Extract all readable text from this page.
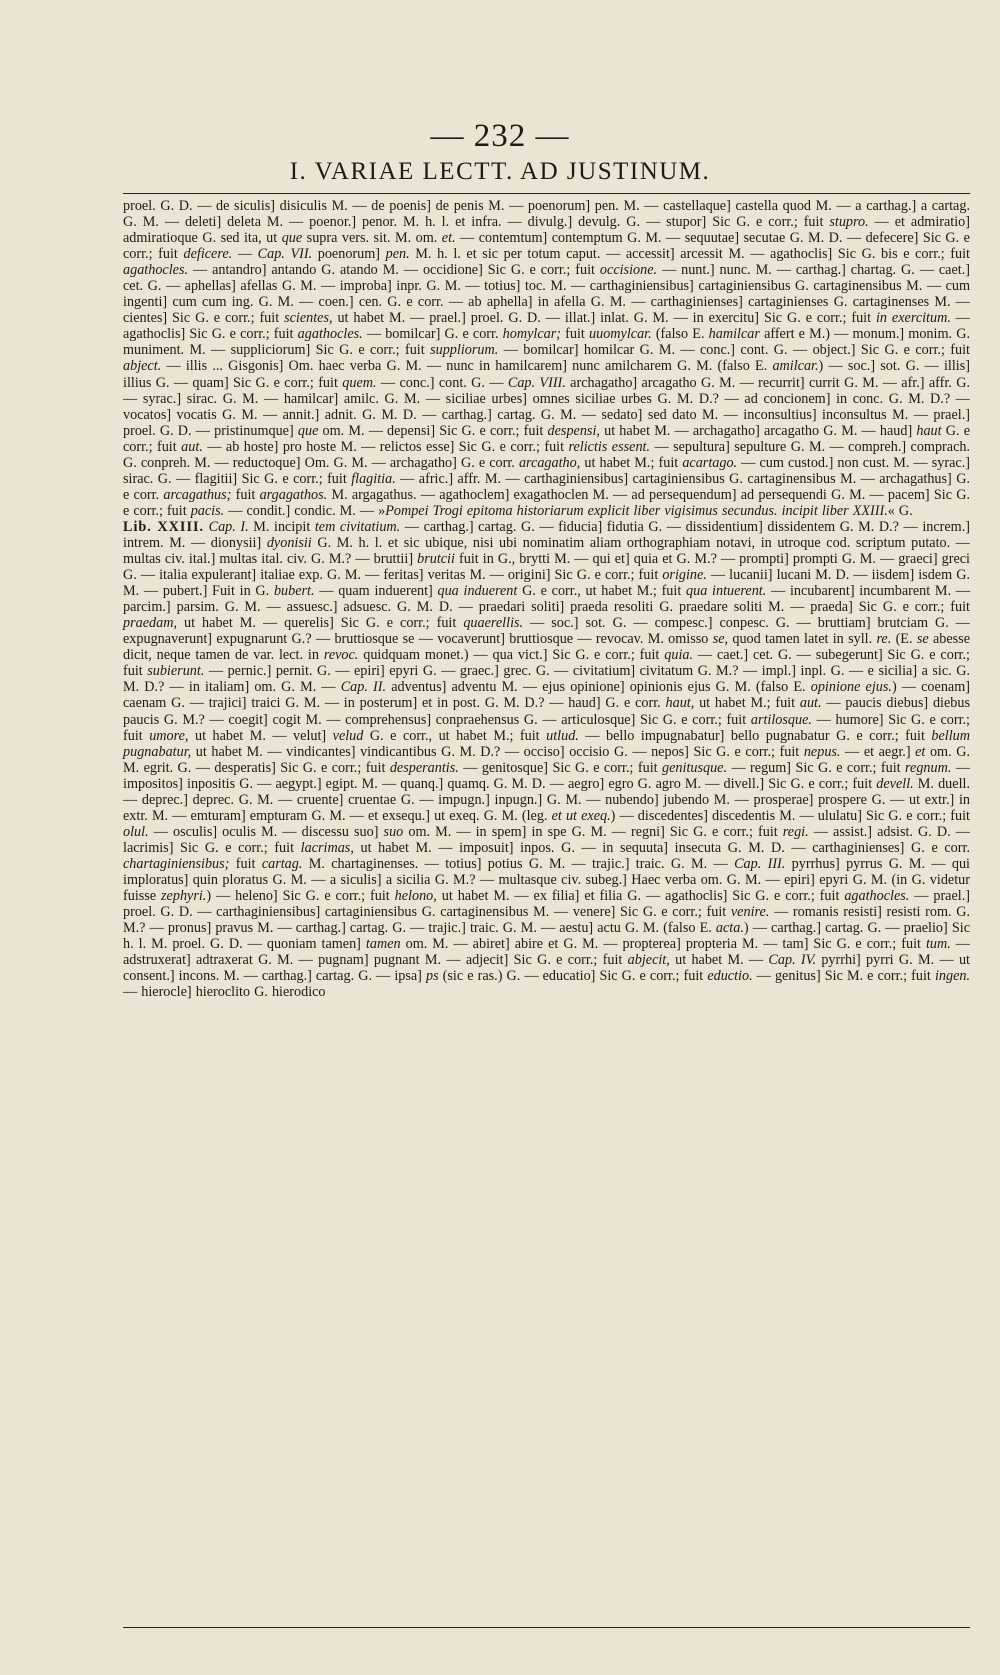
— 232 —
I. VARIAE LECTT. AD JUSTINUM.

proel. G. D. — de siculis] disiculis M. — de poenis] de penis M. — poenorum] pen. M. — castellaque] castella quod M. — a carthag.] a cartag. G. M. — deleti] deleta M. — poenor.] penor. M. h. l. et infra. — divulg.] devulg. G. — stupor] Sic G. e corr.; fuit stupro. — et admiratio] admiratioque G. sed ita, ut que supra vers. sit. M. om. et. — contemtum] contemptum G. M. — sequutae] secutae G. M. D. — defecere] Sic G. e corr.; fuit deficere. — Cap. VII. poenorum] pen. M. h. l. et sic per totum caput. — accessit] arcessit M. — agathoclis] Sic G. bis e corr.; fuit agathocles. — antandro] antando G. atando M. — occidione] Sic G. e corr.; fuit occisione. — nunt.] nunc. M. — carthag.] chartag. G. — caet.] cet. G. — aphellas] afellas G. M. — improba] inpr. G. M. — totius] toc. M. — carthaginiensibus] cartaginiensibus G. cartaginensibus M. — cum ingenti] cum cum ing. G. M. — coen.] cen. G. e corr. — ab aphella] in afella G. M. — carthaginienses] cartaginienses G. cartaginenses M. — cientes] Sic G. e corr.; fuit scientes, ut habet M. — prael.] proel. G. D. — illat.] inlat. G. M. — in exercitu] Sic G. e corr.; fuit in exercitum. — agathoclis] Sic G. e corr.; fuit agathocles. — bomilcar] G. e corr. homylcar; fuit uuomylcar. (falso E. hamilcar affert e M.) — monum.] monim. G. muniment. M. — suppliciorum] Sic G. e corr.; fuit suppliorum. — bomilcar] homilcar G. M. — conc.] cont. G. — object.] Sic G. e corr.; fuit abject. — illis ... Gisgonis] Om. haec verba G. M. — nunc in hamilcarem] nunc amilcharem G. M. (falso E. amilcar.) — soc.] sot. G. — illis] illius G. — quam] Sic G. e corr.; fuit quem. — conc.] cont. G. — Cap. VIII. archagatho] arcagatho G. M. — recurrit] currit G. M. — afr.] affr. G. — syrac.] sirac. G. M. — hamilcar] amilc. G. M. — siciliae urbes] omnes siciliae urbes G. M. D.? — ad concionem] in conc. G. M. D.? — vocatos] vocatis G. M. — annit.] adnit. G. M. D. — carthag.] cartag. G. M. — sedato] sed dato M. — inconsultius] inconsultus M. — prael.] proel. G. D. — pristinumque] que om. M. — depensi] Sic G. e corr.; fuit despensi, ut habet M. — archagatho] arcagatho G. M. — haud] haut G. e corr.; fuit aut. — ab hoste] pro hoste M. — relictos esse] Sic G. e corr.; fuit relictis essent. — sepultura] sepulture G. M. — compreh.] comprach. G. conpreh. M. — reductoque] Om. G. M. — archagatho] G. e corr. arcagatho, ut habet M.; fuit acartago. — cum custod.] non cust. M. — syrac.] sirac. G. — flagitii] Sic G. e corr.; fuit flagitia. — afric.] affr. M. — carthaginiensibus] cartaginiensibus G. cartaginensibus M. — archagathus] G. e corr. arcagathus; fuit argagathos. M. argagathus. — agathoclem] exagathoclen M. — ad persequendum] ad persequendi G. M. — pacem] Sic G. e corr.; fuit pacis. — condit.] condic. M. — »Pompei Trogi epitoma historiarum explicit liber vigisimus secundus. incipit liber XXIII.« G.

Lib. XXIII. Cap. I. M. incipit tem civitatium. — carthag.] cartag. G. — fiducia] fidutia G. — dissidentium] dissidentem G. M. D.? — increm.] intrem. M. — dionysii] dyonisii G. M. h. l. et sic ubique, nisi ubi nominatim aliam orthographiam notavi, in utroque cod. scriptum putato. — multas civ. ital.] multas ital. civ. G. M.? — bruttii] brutcii fuit in G., brytti M. — qui et] quia et G. M.? — prompti] prompti G. M. — graeci] greci G. — italia expulerant] italiae exp. G. M. — feritas] veritas M. — origini] Sic G. e corr.; fuit origine. — lucanii] lucani M. D. — iisdem] isdem G. M. — pubert.] Fuit in G. bubert. — quam induerent] qua induerent G. e corr., ut habet M.; fuit qua intuerent. — incubarent] incumbarent M. — parcim.] parsim. G. M. — assuesc.] adsuesc. G. M. D. — praedari soliti] praeda resoliti G. praedare soliti M. — praeda] Sic G. e corr.; fuit praedam, ut habet M. — querelis] Sic G. e corr.; fuit quaerellis. — soc.] sot. G. — compesc.] conpesc. G. — bruttiam] brutciam G. — expugnaverunt] expugnarunt G.? — bruttiosque se — vocaverunt] bruttiosque — revocav. M. omisso se, quod tamen latet in syll. re. (E. se abesse dicit, neque tamen de var. lect. in revoc. quidquam monet.) — qua vict.] Sic G. e corr.; fuit quia. — caet.] cet. G. — subegerunt] Sic G. e corr.; fuit subierunt. — pernic.] pernit. G. — epiri] epyri G. — graec.] grec. G. — civitatium] civitatum G. M.? — impl.] inpl. G. — e sicilia] a sic. G. M. D.? — in italiam] om. G. M. — Cap. II. adventus] adventu M. — ejus opinione] opinionis ejus G. M. (falso E. opinione ejus.) — coenam] caenam G. — trajici] traici G. M. — in posterum] et in post. G. M. D.? — haud] G. e corr. haut, ut habet M.; fuit aut. — paucis diebus] diebus paucis G. M.? — coegit] cogit M. — comprehensus] conpraehensus G. — articulosque] Sic G. e corr.; fuit artilosque. — humore] Sic G. e corr.; fuit umore, ut habet M. — velut] velud G. e corr., ut habet M.; fuit utlud. — bello impugnabatur] bello pugnabatur G. e corr.; fuit bellum pugnabatur, ut habet M. — vindicantes] vindicantibus G. M. D.? — occiso] occisio G. — nepos] Sic G. e corr.; fuit nepus. — et aegr.] et om. G. M. egrit. G. — desperatis] Sic G. e corr.; fuit desperantis. — genitosque] Sic G. e corr.; fuit genitusque. — regum] Sic G. e corr.; fuit regnum. — impositos] inpositis G. — aegypt.] egipt. M. — quanq.] quamq. G. M. D. — aegro] egro G. agro M. — divell.] Sic G. e corr.; fuit devell. M. duell. — deprec.] deprec. G. M. — cruente] cruentae G. — impugn.] inpugn.] G. M. — nubendo] jubendo M. — prosperae] prospere G. — ut extr.] in extr. M. — emturam] empturam G. M. — et exsequ.] ut exeq. G. M. (leg. et ut exeq.) — discedentes] discedentis M. — ululatu] Sic G. e corr.; fuit olul. — osculis] oculis M. — discessu suo] suo om. M. — in spem] in spe G. M. — regni] Sic G. e corr.; fuit regi. — assist.] adsist. G. D. — lacrimis] Sic G. e corr.; fuit lacrimas, ut habet M. — imposuit] inpos. G. — in sequuta] insecuta G. M. D. — carthaginienses] G. e corr. chartaginiensibus; fuit cartag. M. chartaginenses. — totius] potius G. M. — trajic.] traic. G. M. — Cap. III. pyrrhus] pyrrus G. M. — qui imploratus] quin ploratus G. M. — a siculis] a sicilia G. M.? — multasque civ. subeg.] Haec verba om. G. M. — epiri] epyri G. M. (in G. videtur fuisse zephyri.) — heleno] Sic G. e corr.; fuit helono, ut habet M. — ex filia] et filia G. — agathoclis] Sic G. e corr.; fuit agathocles. — prael.] proel. G. D. — carthaginiensibus] cartaginiensibus G. cartaginensibus M. — venere] Sic G. e corr.; fuit venire. — romanis resisti] resisti rom. G. M.? — pronus] pravus M. — carthag.] cartag. G. — trajic.] traic. G. M. — aestu] actu G. M. (falso E. acta.) — carthag.] cartag. G. — praelio] Sic h. l. M. proel. G. D. — quoniam tamen] tamen om. M. — abiret] abire et G. M. — propterea] propteria M. — tam] Sic G. e corr.; fuit tum. — adstruxerat] adtraxerat G. M. — pugnam] pugnant M. — adjecit] Sic G. e corr.; fuit abjecit, ut habet M. — Cap. IV. pyrrhi] pyrri G. M. — ut consent.] incons. M. — carthag.] cartag. G. — ipsa] ps (sic e ras.) G. — educatio] Sic G. e corr.; fuit eductio. — genitus] Sic M. e corr.; fuit ingen. — hierocle] hieroclito G. hierodico
